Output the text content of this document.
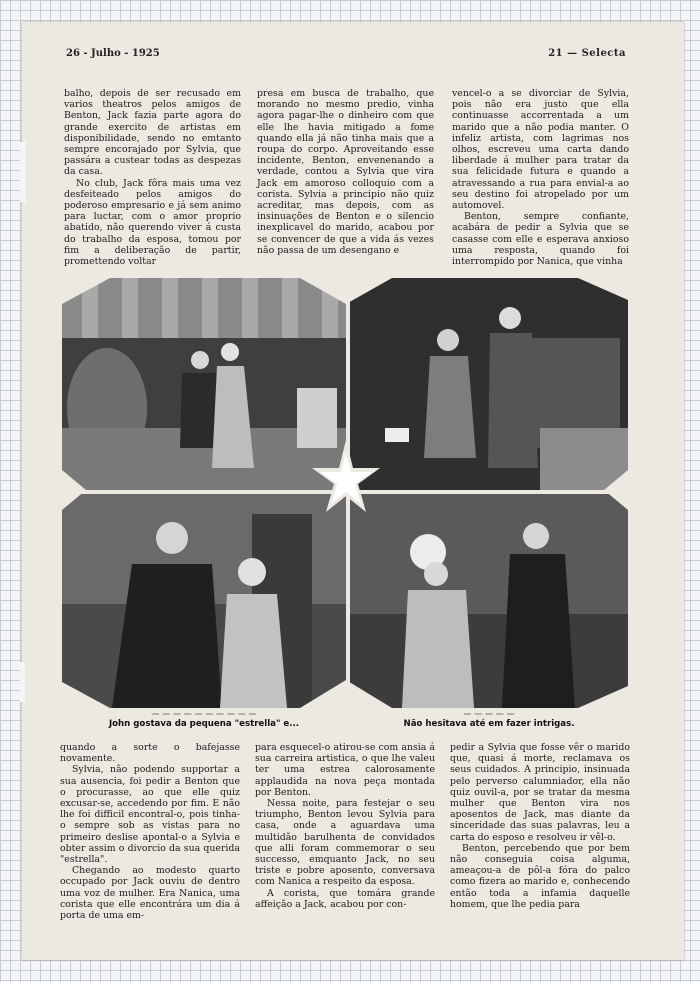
26 - Julho - 1925	21 — Selecta

balho, depois de ser recusado em varios theatros pelos amigos de Benton, Jack fazia parte agora do grande exercito de artistas em disponibilidade, sendo no emtanto sempre encorajado por Sylvia, que passára a custear todas as despezas da casa.

No club, Jack fôra mais uma vez desfeiteado pelos amigos do poderoso empresario e já sem animo para luctar, com o amor proprio abatido, não querendo viver á custa do trabalho da esposa, tomou por fim a deliberação de partir, promettendo voltar

presa em busca de trabalho, que morando no mesmo predio, vinha agora pagar-lhe o dinheiro com que elle lhe havia mitigado a fome quando ella já não tinha mais que a roupa do corpo. Aproveitando esse incidente, Benton, envenenando a verdade, contou a Sylvia que vira Jack em amoroso colloquio com a corista. Sylvia a principio não quiz acreditar, mas depois, com as insinuações de Benton e o silencio inexplicavel do marido, acabou por se convencer de que a vida ás vezes não passa de um desengano e

vencel-o a se divorciar de Sylvia, pois não era justo que ella continuasse accorrentada a um marido que a não podia manter. O infeliz artista, com lagrimas nos olhos, escreveu uma carta dando liberdade á mulher para tratar da sua felicidade futura e quando a atravessando a rua para envial-a ao seu destino foi atropelado por um automovel.

Benton, sempre confiante, acabára de pedir a Sylvia que se casasse com elle e esperava anxioso uma resposta, quando foi interrompido por Nanica, que vinha

— — — — — — — — — —
John gostava da pequena "estrella" e...
— — — — —
Não hesitava até em fazer intrigas.

quando a sorte o bafejasse novamente.

Sylvia, não podendo supportar a sua ausencia, foi pedir a Benton que o procurasse, ao que elle quiz excusar-se, accedendo por fim. E não lhe foi difficil encontral-o, pois tinha-o sempre sob as vistas para no primeiro deslise apontal-o a Sylvia e obter assim o divorcio da sua querida "estrella".

Chegando ao modesto quarto occupado por Jack ouviu de dentro uma voz de mulher. Era Nanica, uma corista que elle encontrára um dia á porta de uma em-

para esquecel-o atirou-se com ansia á sua carreira artistica, o que lhe valeu ter uma estrea calorosamente applaudida na nova peça montada por Benton.

Nessa noite, para festejar o seu triumpho, Benton levou Sylvia para casa, onde a aguardava uma multidão barulhenta de convidados que alli foram commemorar o seu successo, emquanto Jack, no seu triste e pobre aposento, conversava com Nanica a respeito da esposa.

A corista, que tomára grande affeição a Jack, acabou por con-

pedir a Sylvia que fosse vêr o marido que, quasi á morte, reclamava os seus cuidados. A principio, insinuada pelo perverso calumniador, ella não quiz ouvil-a, por se tratar da mesma mulher que Benton vira nos aposentos de Jack, mas diante da sinceridade das suas palavras, leu a carta do esposo e resolveu ir vêl-o.

Benton, percebendo que por bem não conseguia coisa alguma, ameaçou-a de pôl-a fóra do palco como fizera ao marido e, conhecendo então toda a infamia daquelle homem, que lhe pedia para
